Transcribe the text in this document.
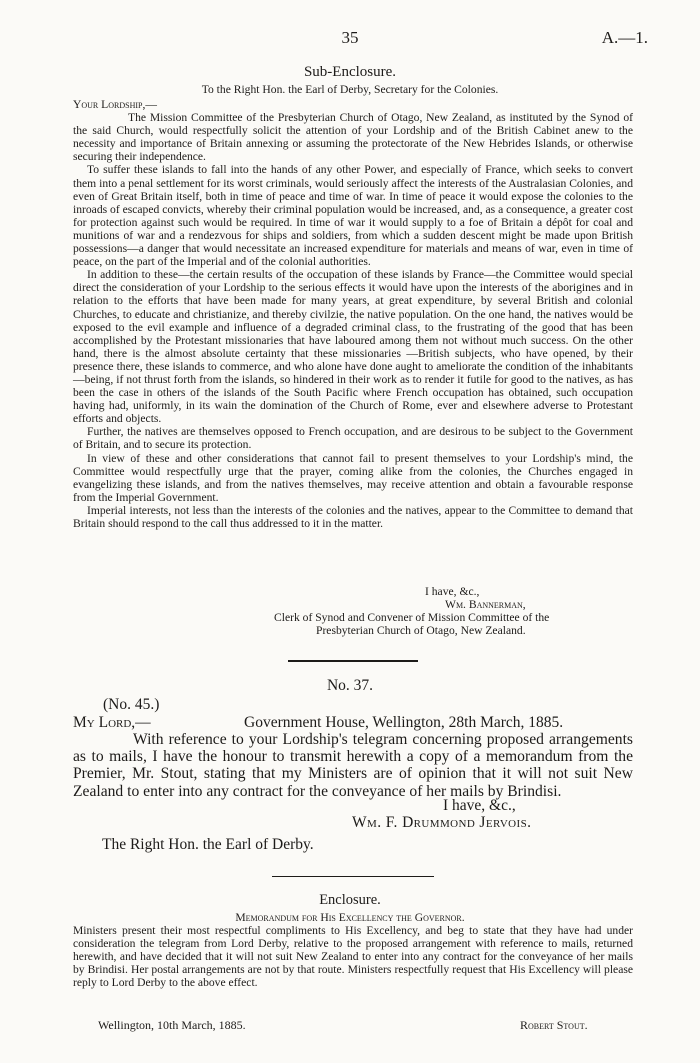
35	A.—1.
Sub-Enclosure.
To the Right Hon. the Earl of Derby, Secretary for the Colonies.

Your Lordship,—

The Mission Committee of the Presbyterian Church of Otago, New Zealand, as instituted by the Synod of the said Church, would respectfully solicit the attention of your Lordship and of the British Cabinet anew to the necessity and importance of Britain annexing or assuming the protectorate of the New Hebrides Islands, or otherwise securing their independence.

To suffer these islands to fall into the hands of any other Power, and especially of France, which seeks to convert them into a penal settlement for its worst criminals, would seriously affect the interests of the Australasian Colonies, and even of Great Britain itself, both in time of peace and time of war. In time of peace it would expose the colonies to the inroads of escaped convicts, whereby their criminal population would be increased, and, as a consequence, a greater cost for protection against such would be required. In time of war it would supply to a foe of Britain a dépôt for coal and munitions of war and a rendezvous for ships and soldiers, from which a sudden descent might be made upon British possessions—a danger that would necessitate an increased expenditure for materials and means of war, even in time of peace, on the part of the Imperial and of the colonial authorities.

In addition to these—the certain results of the occupation of these islands by France—the Committee would special direct the consideration of your Lordship to the serious effects it would have upon the interests of the aborigines and in relation to the efforts that have been made for many years, at great expenditure, by several British and colonial Churches, to educate and christianize, and thereby civilzie, the native population. On the one hand, the natives would be exposed to the evil example and influence of a degraded criminal class, to the frustrating of the good that has been accomplished by the Protestant missionaries that have laboured among them not without much success. On the other hand, there is the almost absolute certainty that these missionaries —British subjects, who have opened, by their presence there, these islands to commerce, and who alone have done aught to ameliorate the condition of the inhabitants—being, if not thrust forth from the islands, so hindered in their work as to render it futile for good to the natives, as has been the case in others of the islands of the South Pacific where French occupation has obtained, such occupation having had, uniformly, in its wain the domination of the Church of Rome, ever and elsewhere adverse to Protestant efforts and objects.

Further, the natives are themselves opposed to French occupation, and are desirous to be subject to the Government of Britain, and to secure its protection.

In view of these and other considerations that cannot fail to present themselves to your Lordship's mind, the Committee would respectfully urge that the prayer, coming alike from the colonies, the Churches engaged in evangelizing these islands, and from the natives themselves, may receive attention and obtain a favourable response from the Imperial Government.

Imperial interests, not less than the interests of the colonies and the natives, appear to the Committee to demand that Britain should respond to the call thus addressed to it in the matter.

I have, &c.,
Wm. Bannerman,
Clerk of Synod and Convener of Mission Committee of the
Presbyterian Church of Otago, New Zealand.
No. 37.
(No. 45.)
My Lord,—	Government House, Wellington, 28th March, 1885.

With reference to your Lordship's telegram concerning proposed arrangements as to mails, I have the honour to transmit herewith a copy of a memorandum from the Premier, Mr. Stout, stating that my Ministers are of opinion that it will not suit New Zealand to enter into any contract for the conveyance of her mails by Brindisi.

I have, &c.,
Wm. F. Drummond Jervois.
The Right Hon. the Earl of Derby.
Enclosure.
Memorandum for His Excellency the Governor.

Ministers present their most respectful compliments to His Excellency, and beg to state that they have had under consideration the telegram from Lord Derby, relative to the proposed arrangement with reference to mails, returned herewith, and have decided that it will not suit New Zealand to enter into any contract for the conveyance of her mails by Brindisi. Her postal arrangements are not by that route. Ministers respectfully request that His Excellency will please reply to Lord Derby to the above effect.

Wellington, 10th March, 1885.	Robert Stout.
